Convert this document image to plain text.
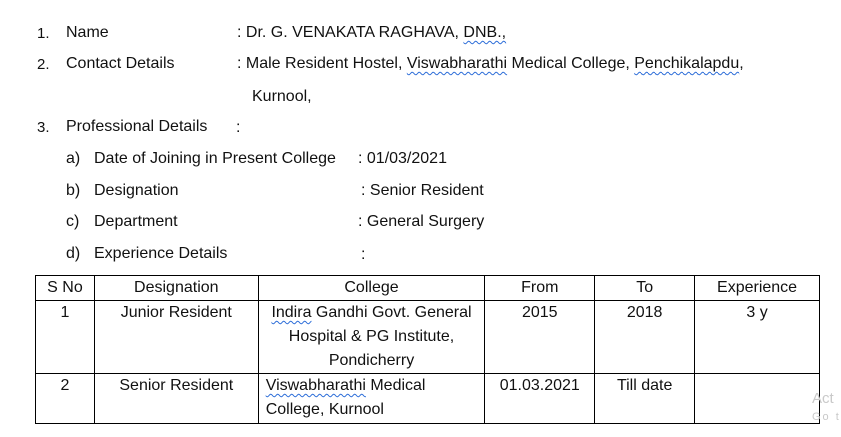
1. Name	: Dr. G. VENAKATA RAGHAVA, DNB.,
2. Contact Details	: Male Resident Hostel, Viswabharathi Medical College, Penchikalapdu,
Kurnool,
3. Professional Details :
a) Date of Joining in Present College : 01/03/2021
b) Designation	: Senior Resident
c) Department	: General Surgery
d) Experience Details	:
S No	Designation	College	From	To	Experience
1	Junior Resident	Indira Gandhi Govt. General Hospital & PG Institute, Pondicherry	2015	2018	3 y
2	Senior Resident	Viswabharathi Medical College, Kurnool	01.03.2021	Till date	
Act
Go t
